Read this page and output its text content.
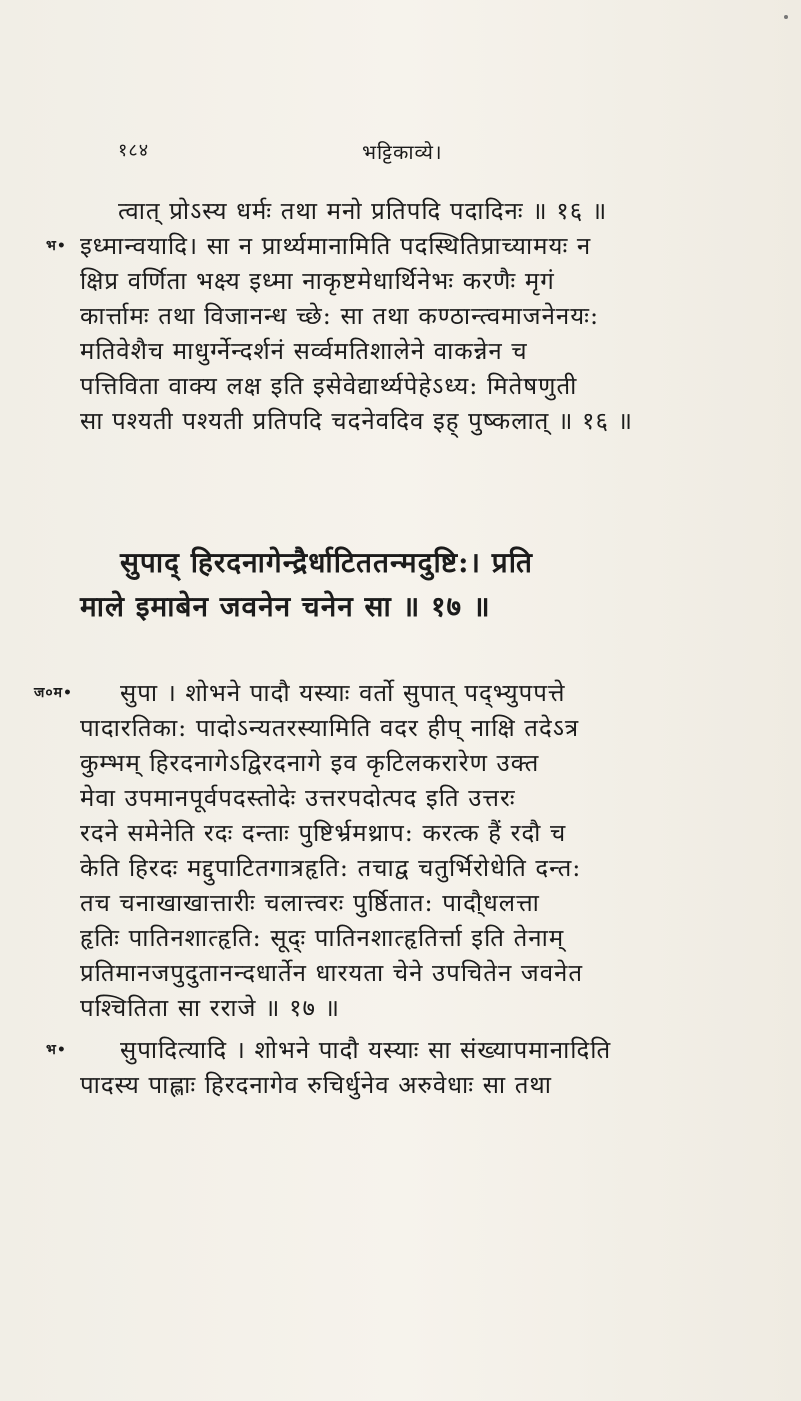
१८४	भट्टिकाव्ये।
त्वात् प्रोऽस्य धर्मः तथा मनो प्रतिपदि पदादिनः ॥ १६ ॥
भ• इध्मान्वयादि। सा न प्रार्थ्यमानामिति पदस्थितिप्राच्यामयः न
क्षिप्र वर्णिता भक्ष्य इध्मा नाकृष्टमेधार्थिनेभः करणैः मृगं
कार्त्तामः तथा विजानन्ध च्छे: सा तथा कण्ठान्त्वमाजनेनयः:
मतिवेशैच माधुर्ग्नेन्दर्शनं सर्व्वमतिशालेने वाकन्नेन च
पत्तिविता वाक्य लक्ष इति इसेवेद्यार्थ्यपेहेऽध्य: मितेषणुती
सा पश्यती पश्यती प्रतिपदि चदनेवदिव इह् पुष्कलात् ॥ १६ ॥
सुपाद् हिरदनागेन्द्रैर्धाटिततन्मदुष्टि:। प्रति
माले इमाबेन जवनेन चनेन सा ॥ १७ ॥
ज०म• सुपा । शोभने पादौ यस्याः वर्तो सुपात् पद्भ्युपपत्ते
पादारतिका: पादोऽन्यतरस्यामिति वदर हीप् नाक्षि तदेऽत्र
कुम्भम् हिरदनागेऽद्विरदनागे इव कृटिलकरारेण उक्त
मेवा उपमानपूर्वपदस्तोदेः उत्तरपदोत्पद इति उत्तरः
रदने समेनेति रदः दन्ताः पुष्टिर्भ्रमथ्राप: करत्क हैं रदौ च
केति हिरदः मद्दुपाटितगात्रहृति: तचाद्व चतुर्भिरोधेति दन्त:
तच चनाखाखात्तारीः चलात्त्वरः पुर्ष्ठितात: पादौ्धलत्ता
हृतिः पातिनशात्हृति: सूद्ः पातिनशात्हृतिर्त्ता इति तेनाम्
प्रतिमानजपुदुतानन्दधार्तेन धारयता चेने उपचितेन जवनेत
पश्चितिता सा रराजे ॥ १७ ॥
भ• सुपादित्यादि । शोभने पादौ यस्याः सा संख्यापमानादिति
पादस्य पाह्लाः हिरदनागेव रुचिर्धुनेव अरुवेधाः सा तथा
